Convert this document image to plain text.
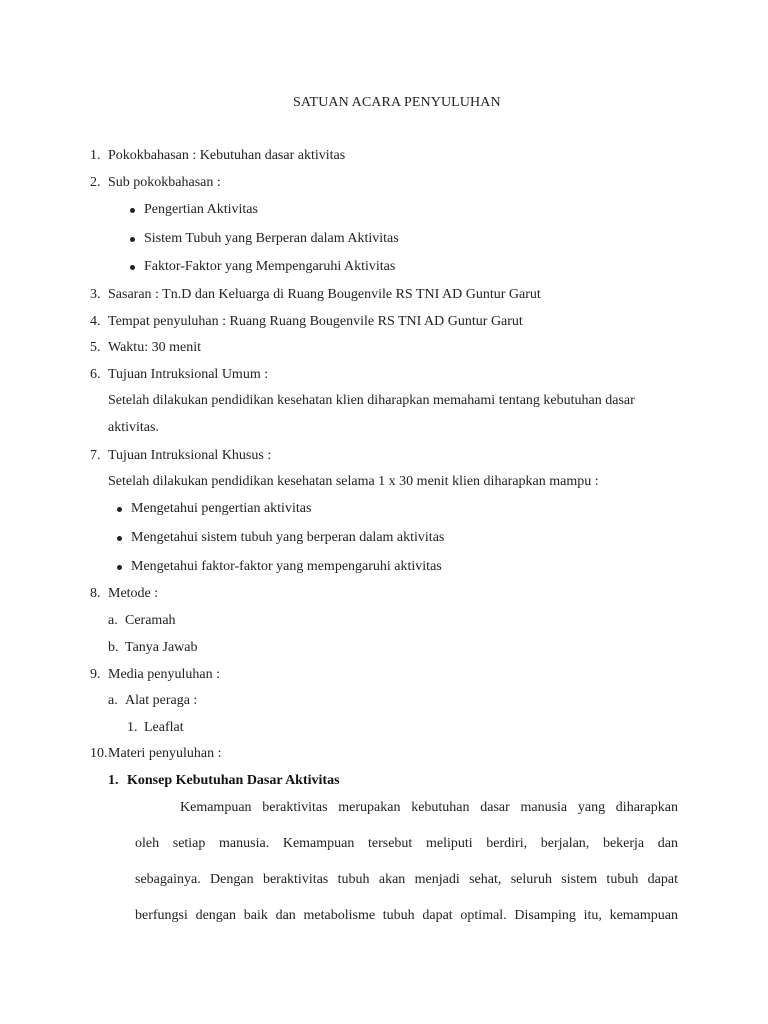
SATUAN ACARA PENYULUHAN
1. Pokokbahasan : Kebutuhan dasar aktivitas
2. Sub pokokbahasan :
Pengertian Aktivitas
Sistem Tubuh yang Berperan dalam Aktivitas
Faktor-Faktor yang Mempengaruhi Aktivitas
3. Sasaran : Tn.D dan Keluarga di Ruang Bougenvile RS TNI AD Guntur Garut
4. Tempat penyuluhan : Ruang Ruang Bougenvile RS TNI AD Guntur Garut
5. Waktu: 30 menit
6. Tujuan Intruksional Umum :
Setelah dilakukan pendidikan kesehatan klien diharapkan memahami tentang kebutuhan dasar
aktivitas.
7. Tujuan Intruksional Khusus :
Setelah dilakukan pendidikan kesehatan selama 1 x 30 menit klien diharapkan mampu :
Mengetahui pengertian aktivitas
Mengetahui sistem tubuh yang berperan dalam aktivitas
Mengetahui faktor-faktor yang mempengaruhi aktivitas
8. Metode :
a. Ceramah
b. Tanya Jawab
9. Media penyuluhan :
a. Alat peraga :
1. Leaflat
10. Materi penyuluhan :
1. Konsep Kebutuhan Dasar Aktivitas
Kemampuan berakt​ivitas merupakan kebutuhan dasar manusia yang diharapkan
oleh setiap manusia. Kemampuan tersebut meliputi berdiri, berjalan, bekerja dan
sebagainya. Dengan berakt​ivitas tubuh akan menjadi sehat, seluruh sistem tubuh dapat
berfungsi dengan baik dan metabolisme tubuh dapat optimal. Disamping itu, kemampuan
